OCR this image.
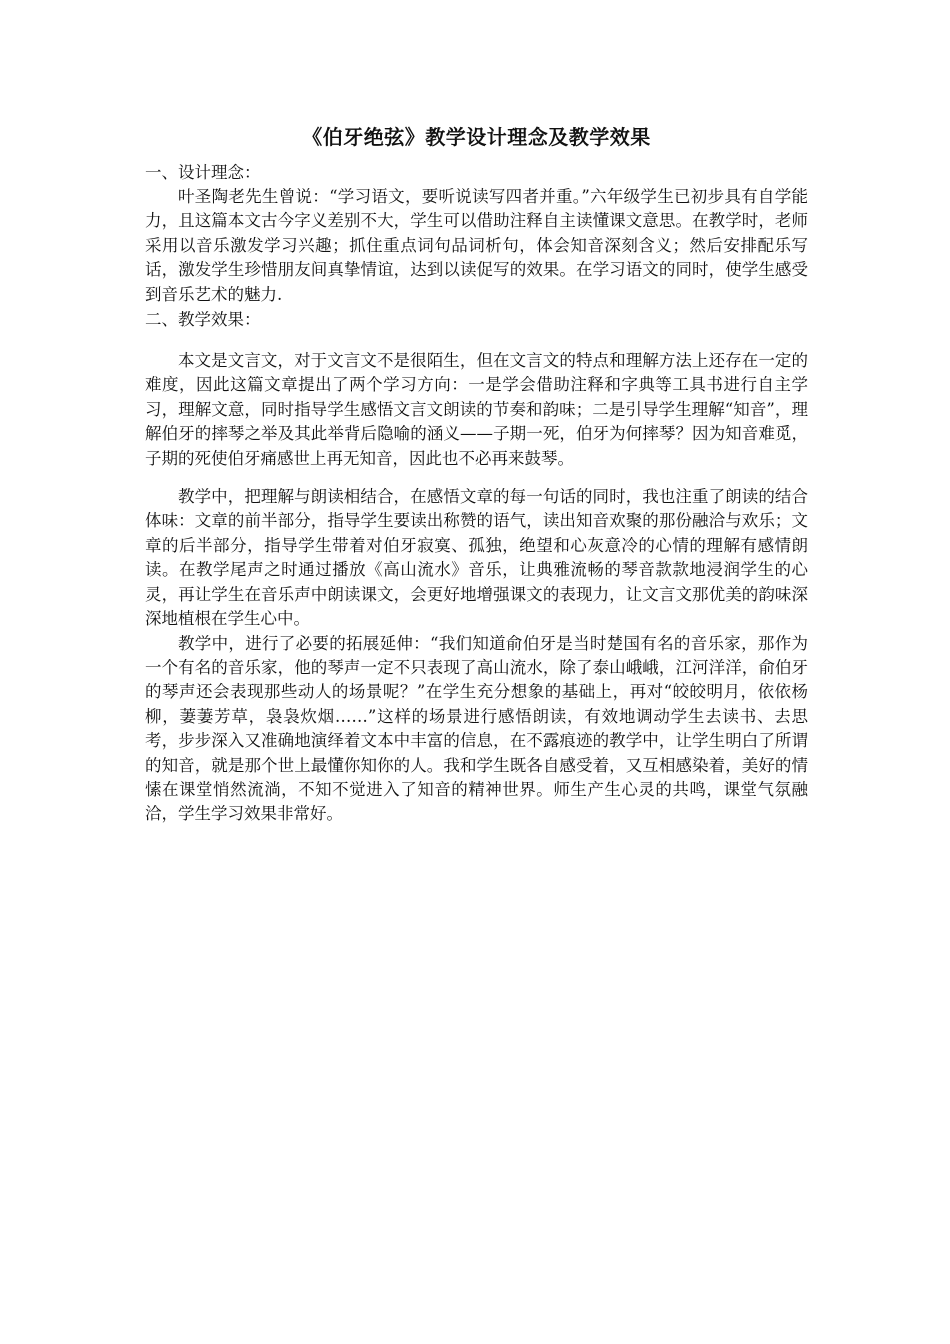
《伯牙绝弦》教学设计理念及教学效果

一、设计理念：

叶圣陶老先生曾说：“学习语文，要听说读写四者并重。”六年级学生已初步具有自学能力，且这篇本文古今字义差别不大，学生可以借助注释自主读懂课文意思。在教学时，老师采用以音乐激发学习兴趣；抓住重点词句品词析句，体会知音深刻含义；然后安排配乐写话，激发学生珍惜朋友间真挚情谊，达到以读促写的效果。在学习语文的同时，使学生感受到音乐艺术的魅力.

二、教学效果：

本文是文言文，对于文言文不是很陌生，但在文言文的特点和理解方法上还存在一定的难度，因此这篇文章提出了两个学习方向：一是学会借助注释和字典等工具书进行自主学习，理解文意，同时指导学生感悟文言文朗读的节奏和韵味；二是引导学生理解“知音”，理解伯牙的摔琴之举及其此举背后隐喻的涵义——子期一死，伯牙为何摔琴？因为知音难觅，子期的死使伯牙痛感世上再无知音，因此也不必再来鼓琴。

教学中，把理解与朗读相结合，在感悟文章的每一句话的同时，我也注重了朗读的结合体味：文章的前半部分，指导学生要读出称赞的语气，读出知音欢聚的那份融洽与欢乐；文章的后半部分，指导学生带着对伯牙寂寞、孤独，绝望和心灰意冷的心情的理解有感情朗读。在教学尾声之时通过播放《高山流水》音乐，让典雅流畅的琴音款款地浸润学生的心灵，再让学生在音乐声中朗读课文，会更好地增强课文的表现力，让文言文那优美的韵味深深地植根在学生心中。

教学中，进行了必要的拓展延伸：“我们知道俞伯牙是当时楚国有名的音乐家，那作为一个有名的音乐家，他的琴声一定不只表现了高山流水，除了泰山峨峨，江河洋洋，俞伯牙的琴声还会表现那些动人的场景呢？”在学生充分想象的基础上，再对“皎皎明月，依依杨柳，萋萋芳草，袅袅炊烟……”这样的场景进行感悟朗读，有效地调动学生去读书、去思考，步步深入又准确地演绎着文本中丰富的信息，在不露痕迹的教学中，让学生明白了所谓的知音，就是那个世上最懂你知你的人。我和学生既各自感受着，又互相感染着，美好的情愫在课堂悄然流淌，不知不觉进入了知音的精神世界。师生产生心灵的共鸣，课堂气氛融洽，学生学习效果非常好。
